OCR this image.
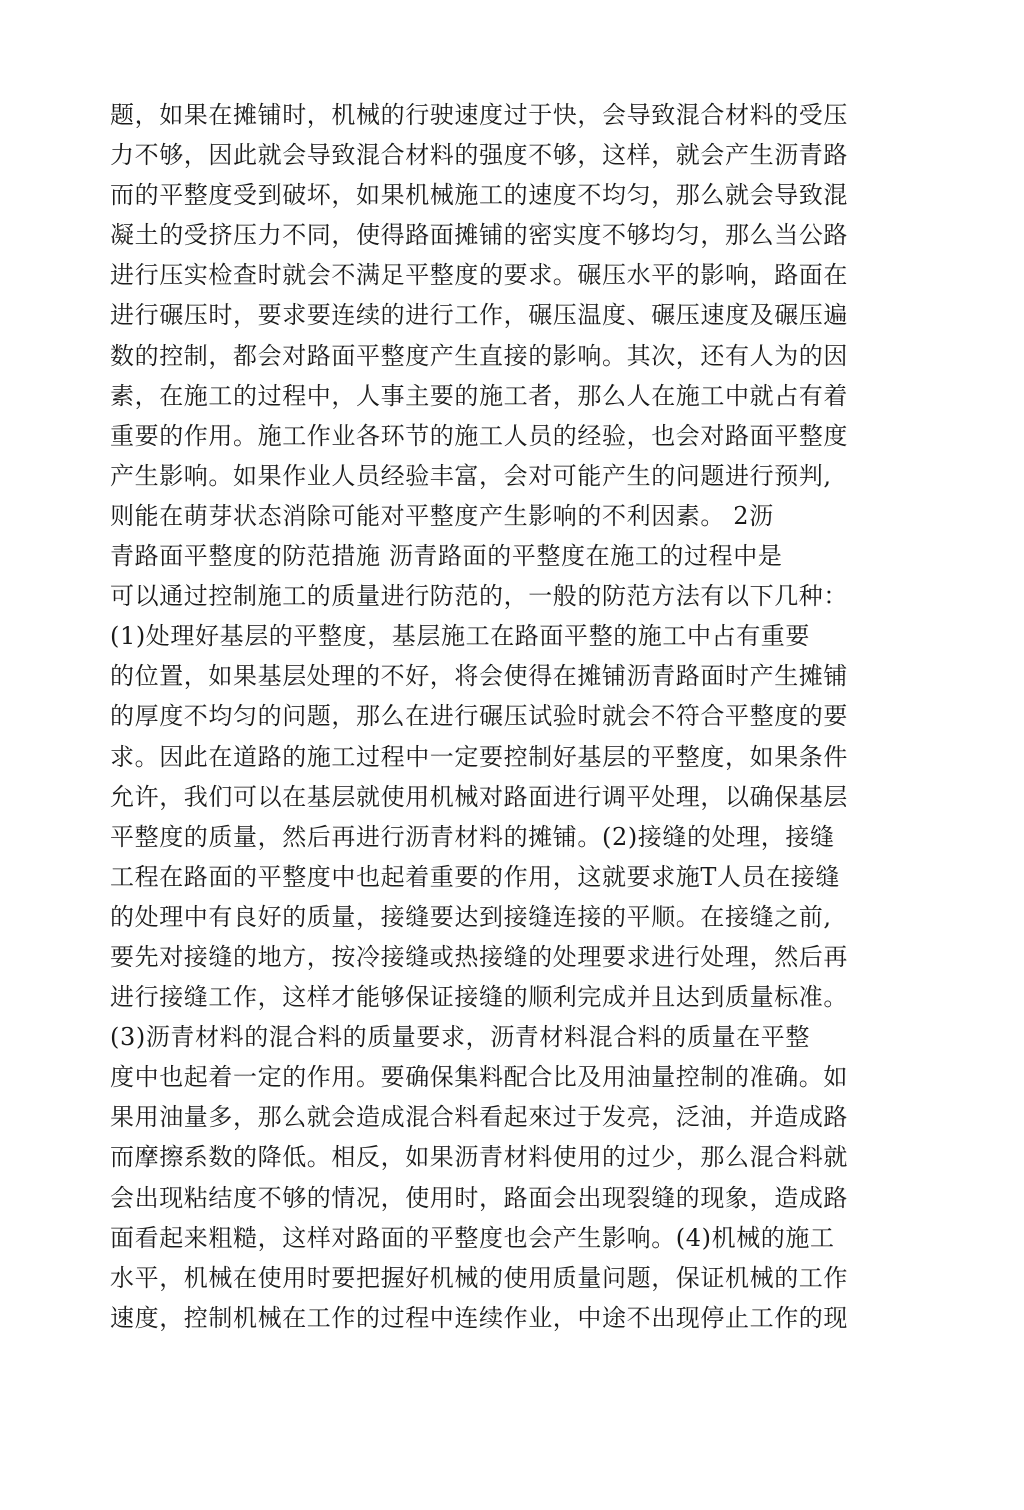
题，如果在摊铺时，机械的行驶速度过于快，会导致混合材料的受压
力不够，因此就会导致混合材料的强度不够，这样，就会产生沥青路
而的平整度受到破坏，如果机械施工的速度不均匀，那么就会导致混
凝土的受挤压力不同，使得路面摊铺的密实度不够均匀，那么当公路
进行压实检查时就会不满足平整度的要求。碾压水平的影响，路面在
进行碾压时，要求要连续的进行工作，碾压温度、碾压速度及碾压遍
数的控制，都会对路面平整度产生直接的影响。其次，还有人为的因
素，在施工的过程中，人事主要的施工者，那么人在施工中就占有着
重要的作用。施工作业各环节的施工人员的经验，也会对路面平整度
产生影响。如果作业人员经验丰富，会对可能产生的问题进行预判,
则能在萌芽状态消除可能对平整度产生影响的不利因素。 2沥
青路面平整度的防范措施 沥青路面的平整度在施工的过程中是
可以通过控制施工的质量进行防范的，一般的防范方法有以下几种：
(1)处理好基层的平整度，基层施工在路面平整的施工中占有重要
的位置，如果基层处理的不好，将会使得在摊铺沥青路面时产生摊铺
的厚度不均匀的问题，那么在进行碾压试验时就会不符合平整度的要
求。因此在道路的施工过程中一定要控制好基层的平整度，如果条件
允许，我们可以在基层就使用机械对路面进行调平处理，以确保基层
平整度的质量，然后再进行沥青材料的摊铺。(2)接缝的处理，接缝
工程在路面的平整度中也起着重要的作用，这就要求施T人员在接缝
的处理中有良好的质量，接缝要达到接缝连接的平顺。在接缝之前,
要先对接缝的地方，按冷接缝或热接缝的处理要求进行处理，然后再
进行接缝工作，这样才能够保证接缝的顺利完成并且达到质量标准。
(3)沥青材料的混合料的质量要求，沥青材料混合料的质量在平整
度中也起着一定的作用。要确保集料配合比及用油量控制的准确。如
果用油量多，那么就会造成混合料看起來过于发亮，泛油，并造成路
而摩擦系数的降低。相反，如果沥青材料使用的过少，那么混合料就
会出现粘结度不够的情况，使用时，路面会出现裂缝的现象，造成路
面看起来粗糙，这样对路面的平整度也会产生影响。(4)机械的施工
水平，机械在使用时要把握好机械的使用质量问题，保证机械的工作
速度，控制机械在工作的过程中连续作业，中途不出现停止工作的现
